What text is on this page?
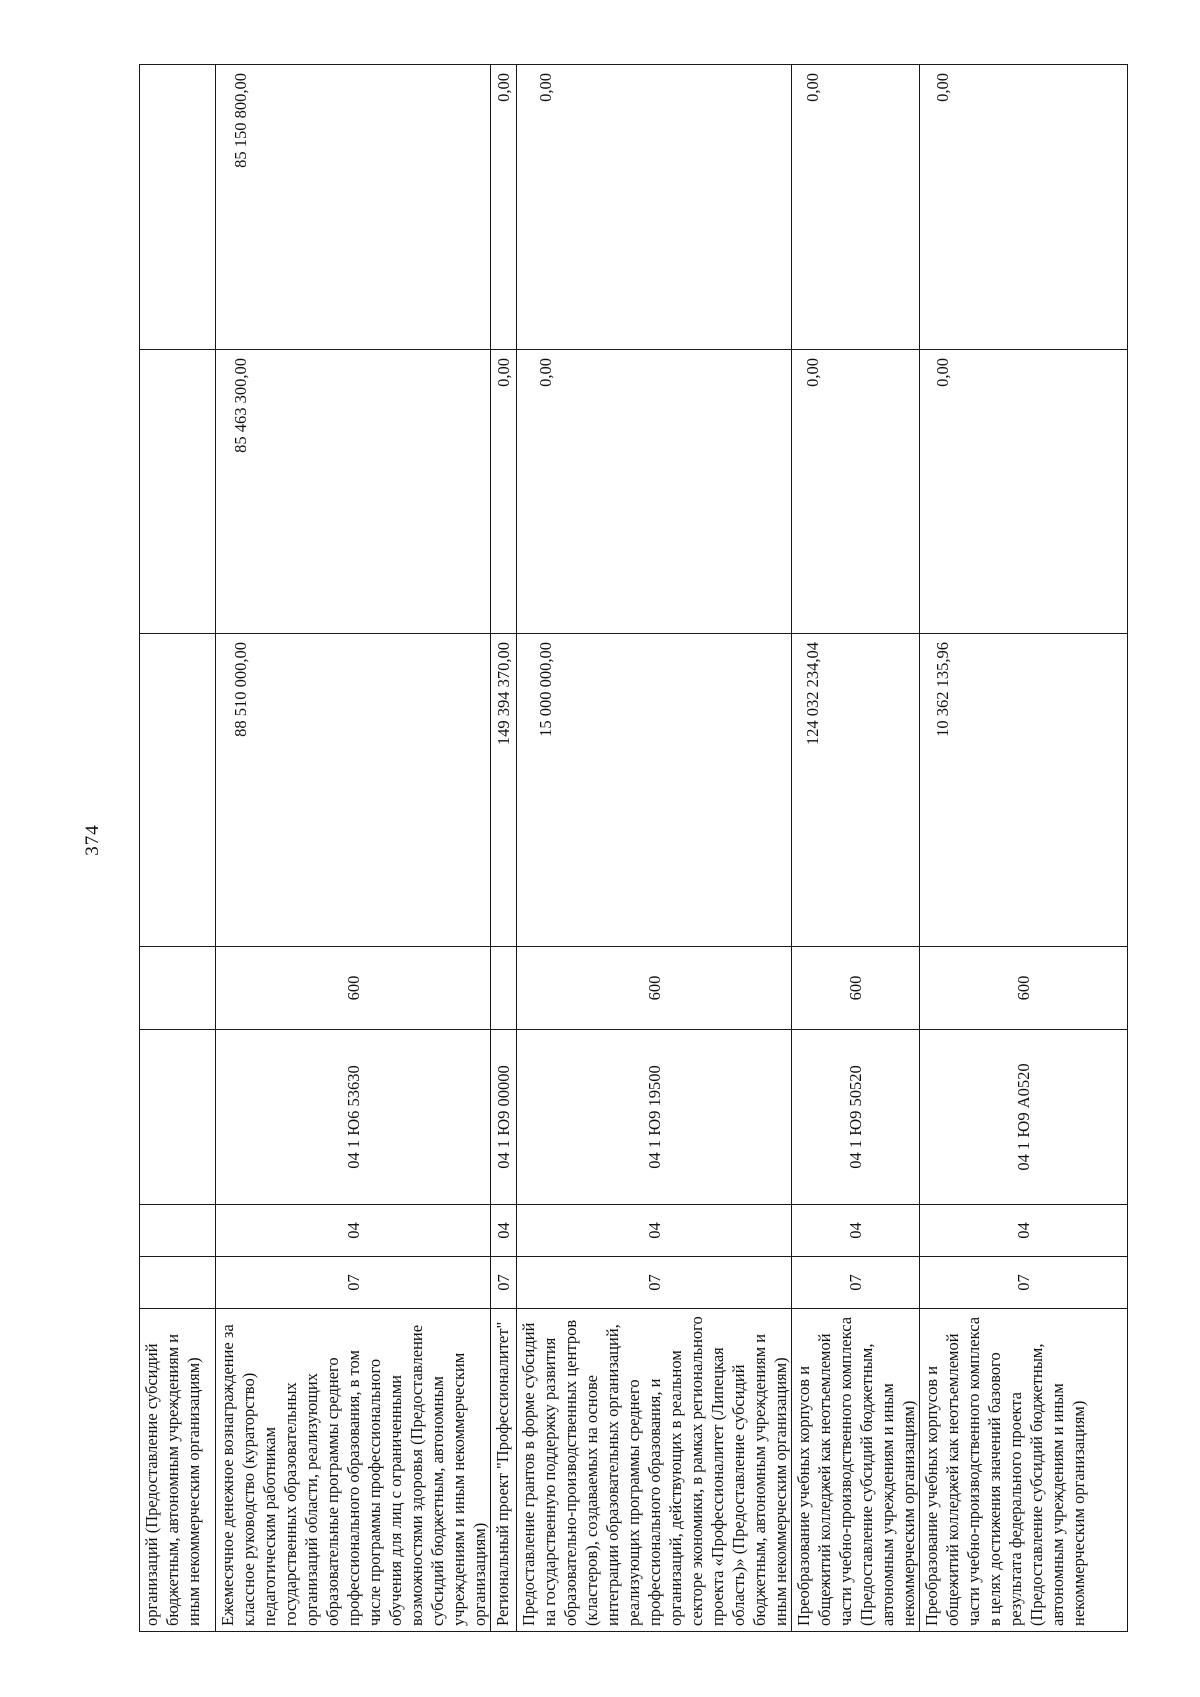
374
организаций (Предоставление субсидий бюджетным, автономным учреждениям и иным некоммерческим организациям)							

Ежемесячное денежное вознаграждение за классное руководство (кураторство) педагогическим работникам государственных образовательных организаций области, реализующих образовательные программы среднего профессионального образования, в том числе программы профессионального обучения для лиц с ограниченными возможностями здоровья (Предоставление субсидий бюджетным, автономным учреждениям и иным некоммерческим организациям)	07	04	04 1 Ю6 53630	600	88 510 000,00	85 463 300,00	85 150 800,00

Региональный проект "Профессионалитет"	07	04	04 1 Ю9 00000		149 394 370,00	0,00	0,00

Предоставление грантов в форме субсидий на государственную поддержку развития образовательно-производственных центров (кластеров), создаваемых на основе интеграции образовательных организаций, реализующих программы среднего профессионального образования, и организаций, действующих в реальном секторе экономики, в рамках регионального проекта «Профессионалитет (Липецкая область)» (Предоставление субсидий бюджетным, автономным учреждениям и иным некоммерческим организациям)	07	04	04 1 Ю9 19500	600	15 000 000,00	0,00	0,00

Преобразование учебных корпусов и общежитий колледжей как неотъемлемой части учебно-производственного комплекса (Предоставление субсидий бюджетным, автономным учреждениям и иным некоммерческим организациям)	07	04	04 1 Ю9 50520	600	124 032 234,04	0,00	0,00

Преобразование учебных корпусов и общежитий колледжей как неотъемлемой части учебно-производственного комплекса в целях достижения значений базового результата федерального проекта (Предоставление субсидий бюджетным, автономным учреждениям и иным некоммерческим организациям)	07	04	04 1 Ю9 A0520	600	10 362 135,96	0,00	0,00
